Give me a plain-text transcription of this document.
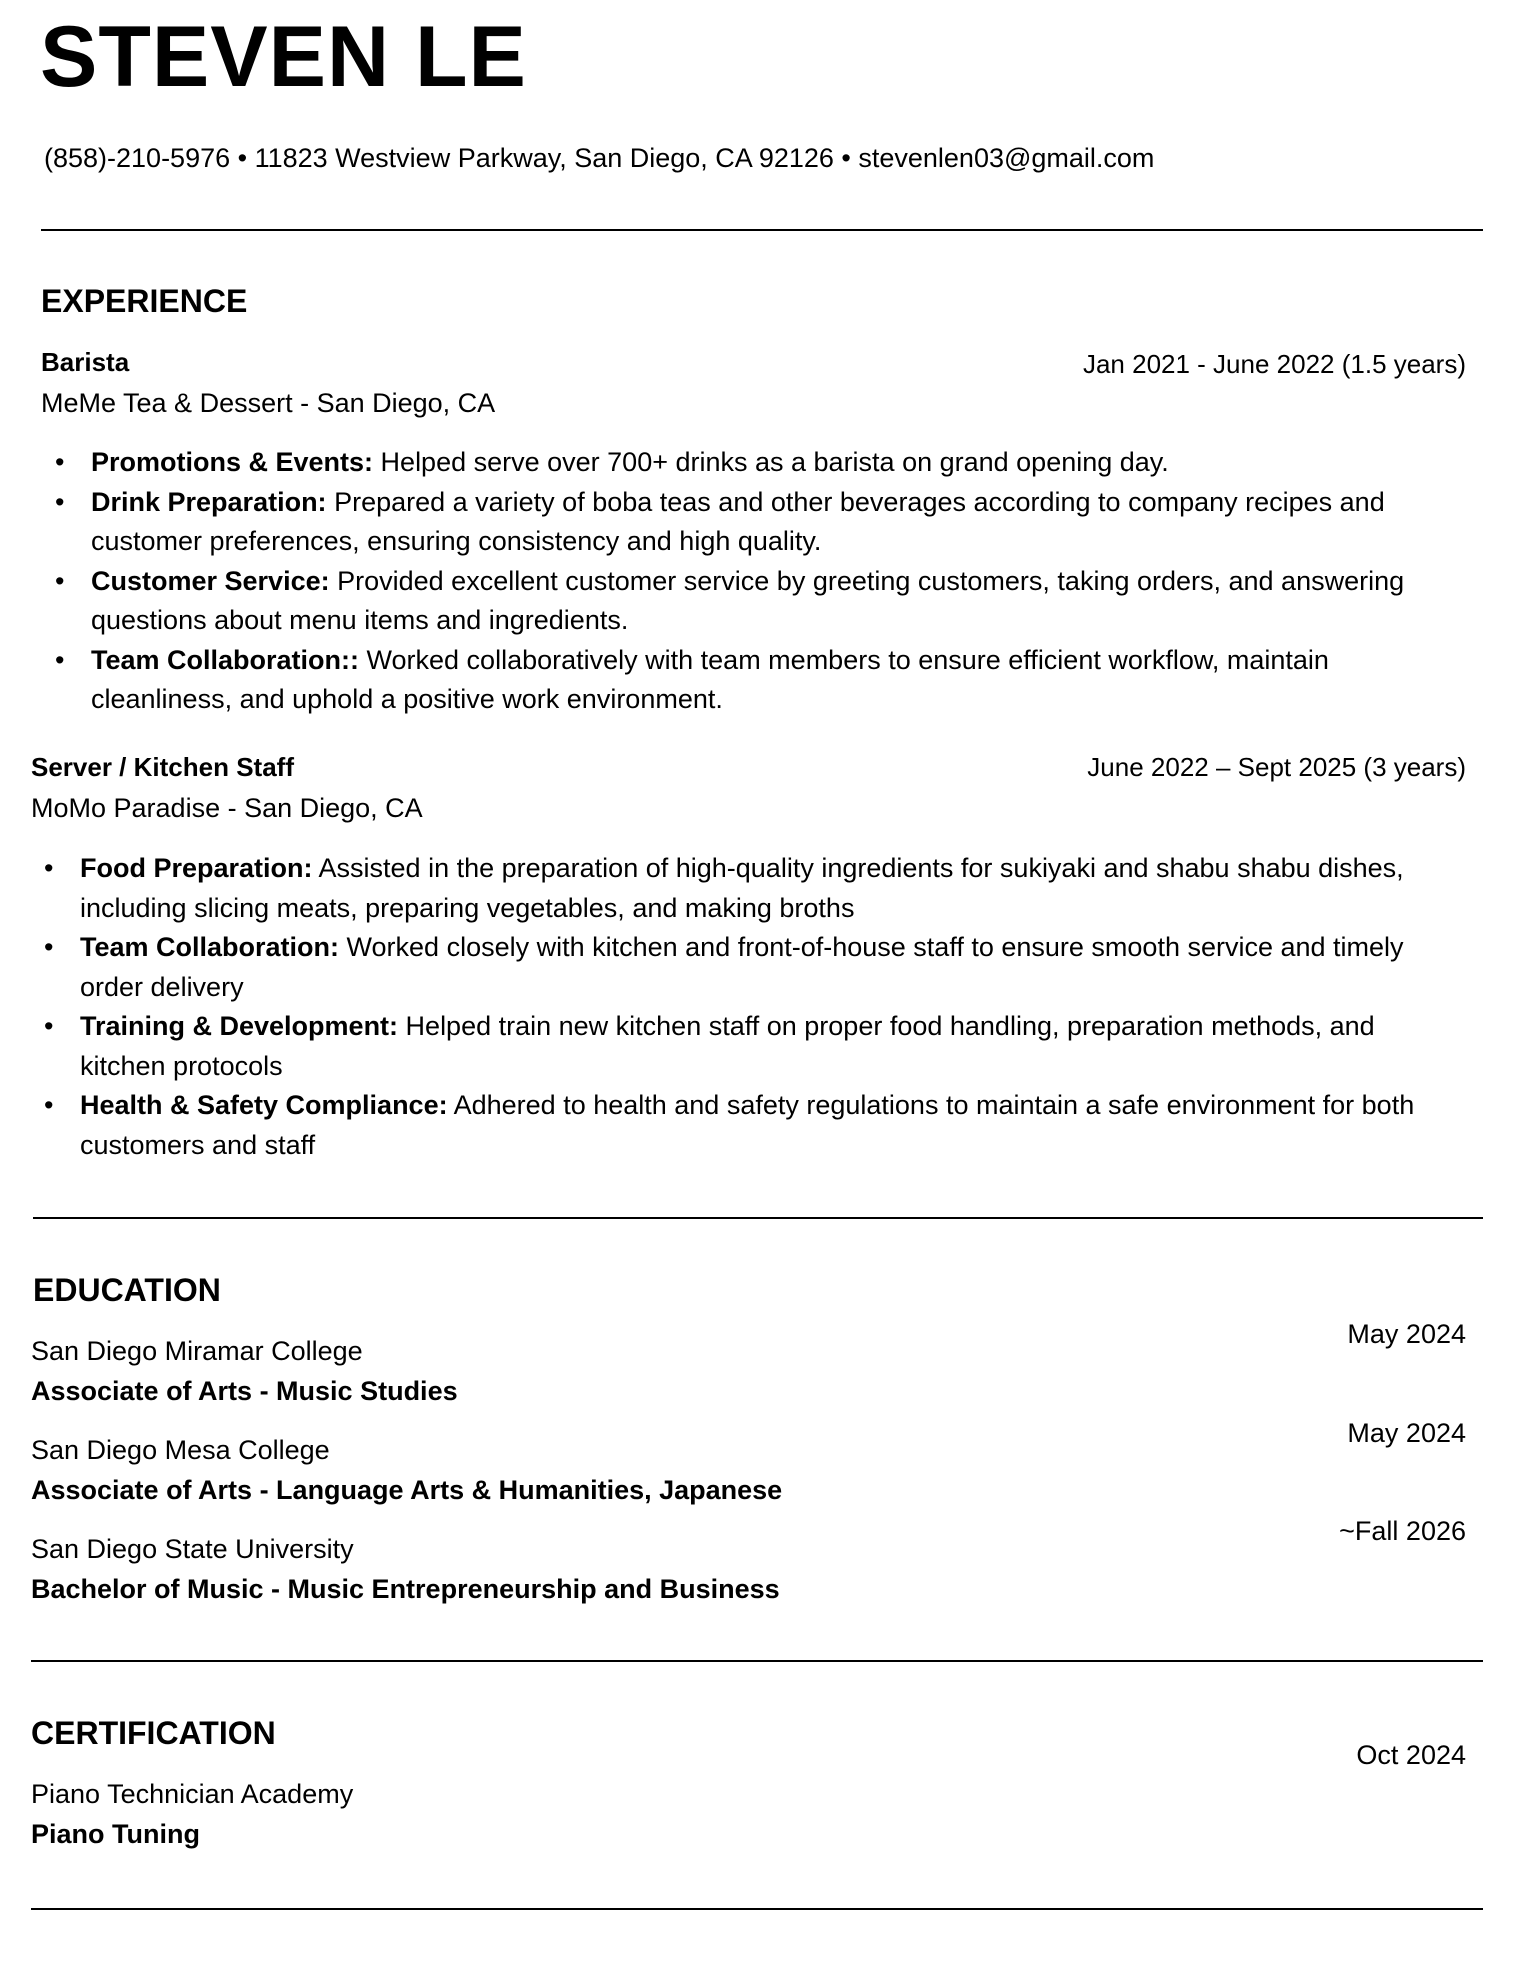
STEVEN LE
(858)-210-5976 • 11823 Westview Parkway, San Diego, CA 92126 • stevenlen03@gmail.com
EXPERIENCE
Barista	Jan 2021 - June 2022 (1.5 years)
MeMe Tea & Dessert - San Diego, CA
• Promotions & Events: Helped serve over 700+ drinks as a barista on grand opening day.
• Drink Preparation: Prepared a variety of boba teas and other beverages according to company recipes and customer preferences, ensuring consistency and high quality.
• Customer Service: Provided excellent customer service by greeting customers, taking orders, and answering questions about menu items and ingredients.
• Team Collaboration:: Worked collaboratively with team members to ensure efficient workflow, maintain cleanliness, and uphold a positive work environment.
Server / Kitchen Staff	June 2022 – Sept 2025 (3 years)
MoMo Paradise - San Diego, CA
• Food Preparation: Assisted in the preparation of high-quality ingredients for sukiyaki and shabu shabu dishes, including slicing meats, preparing vegetables, and making broths
• Team Collaboration: Worked closely with kitchen and front-of-house staff to ensure smooth service and timely order delivery
• Training & Development: Helped train new kitchen staff on proper food handling, preparation methods, and kitchen protocols
• Health & Safety Compliance: Adhered to health and safety regulations to maintain a safe environment for both customers and staff
EDUCATION
May 2024
San Diego Miramar College
Associate of Arts - Music Studies
May 2024
San Diego Mesa College
Associate of Arts - Language Arts & Humanities, Japanese
~Fall 2026
San Diego State University
Bachelor of Music - Music Entrepreneurship and Business
CERTIFICATION
Oct 2024
Piano Technician Academy
Piano Tuning
